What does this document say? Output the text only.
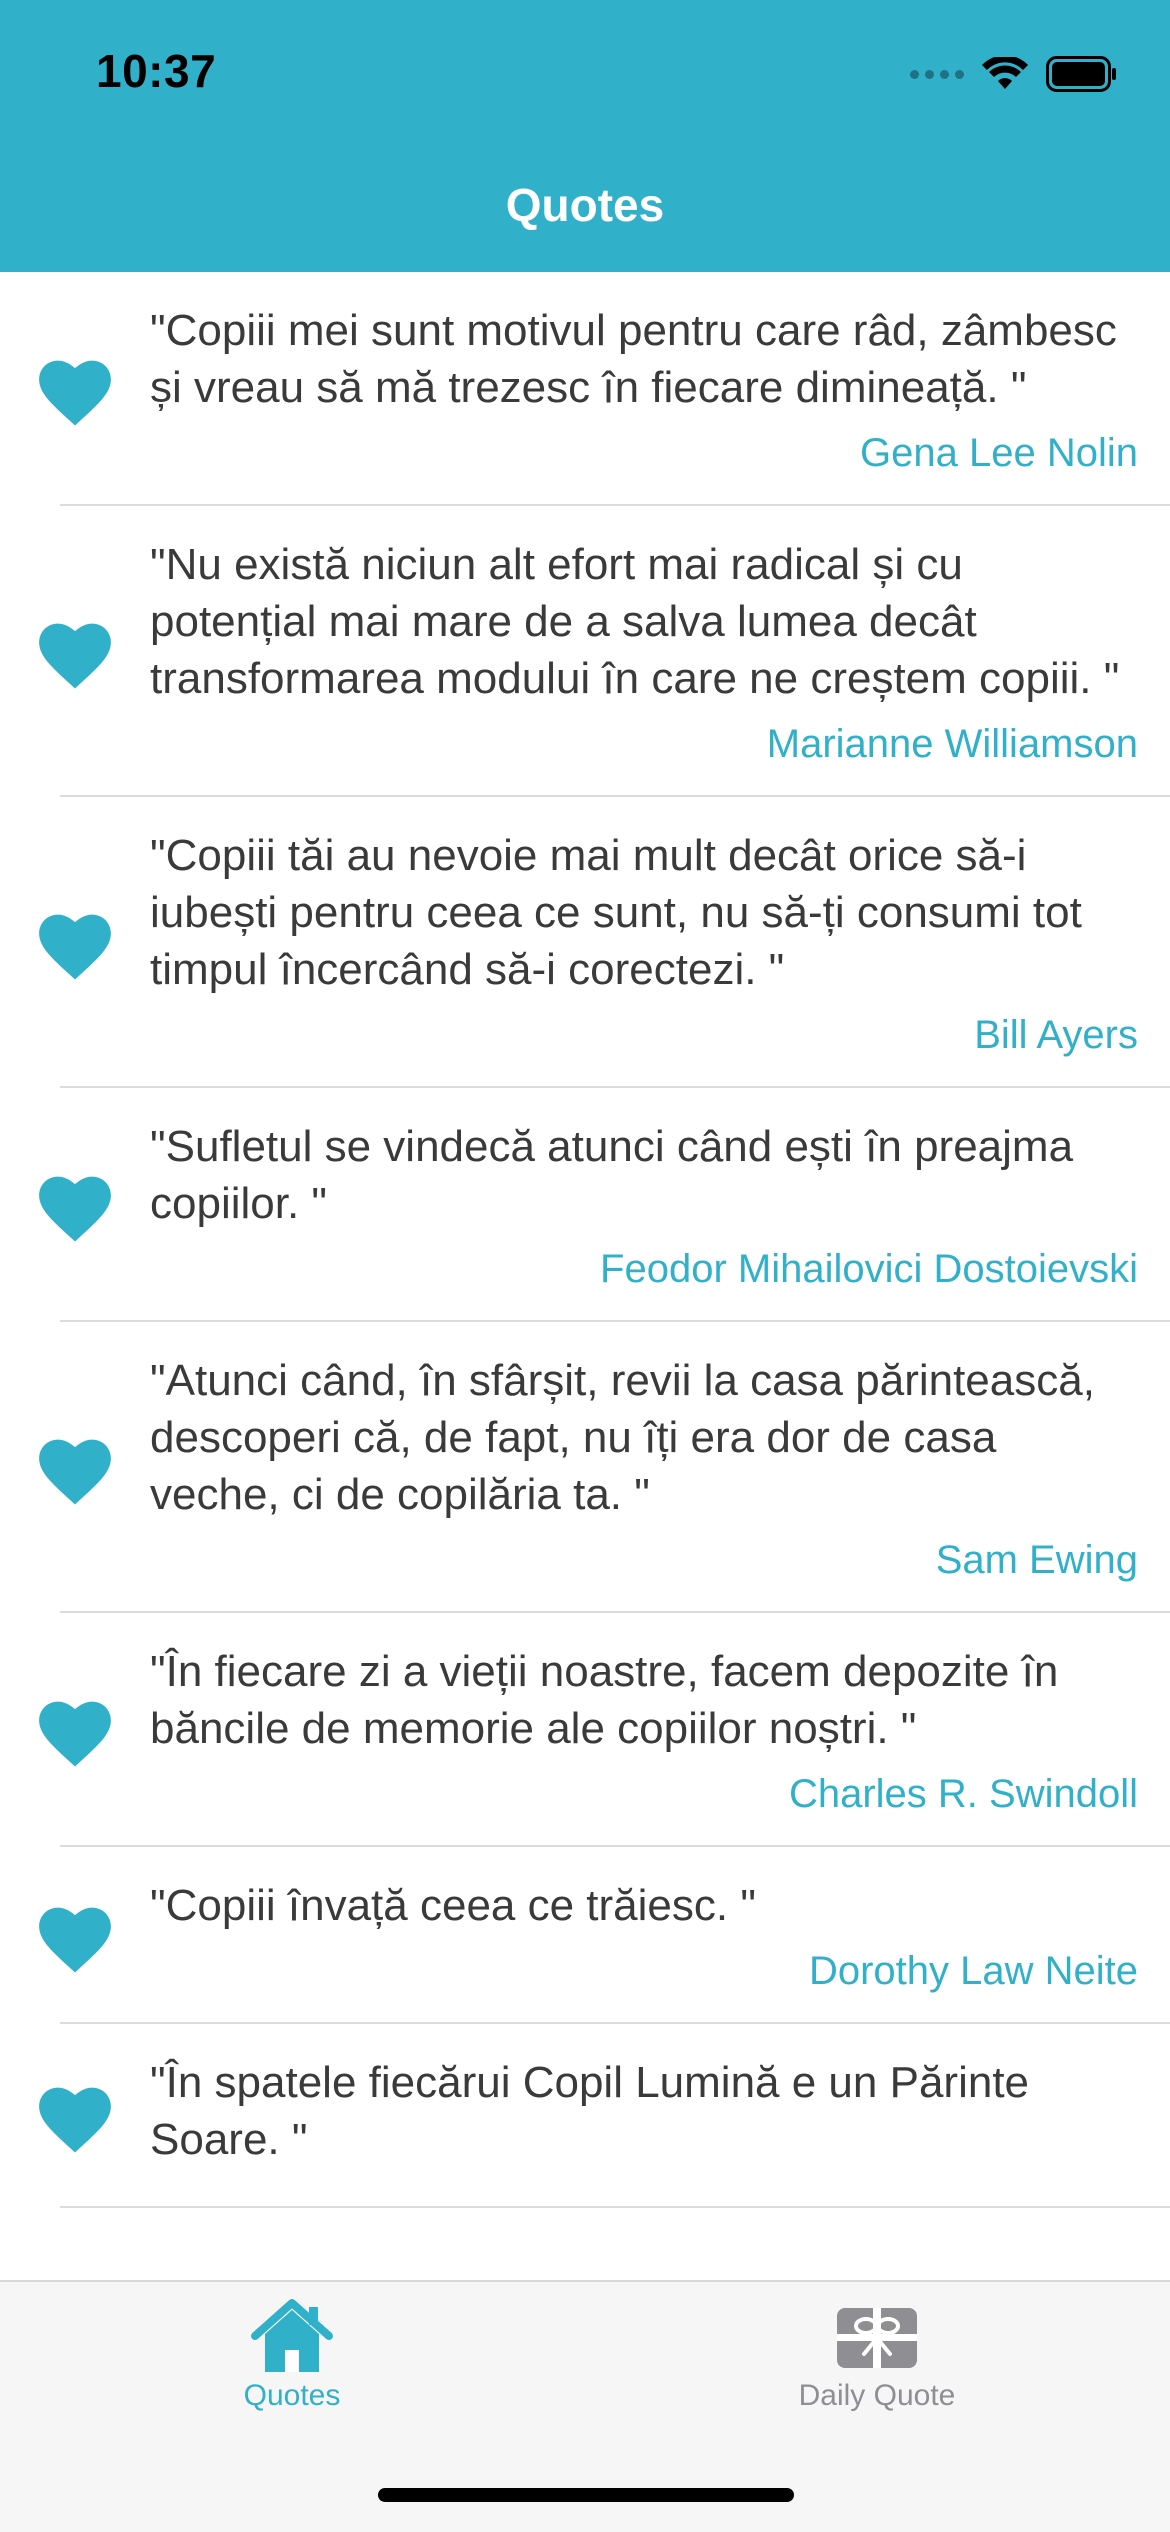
10:37
Quotes
"Copiii mei sunt motivul pentru care râd, zâmbesc și vreau să mă trezesc în fiecare dimineață. "
Gena Lee Nolin
"Nu există niciun alt efort mai radical și cu potențial mai mare de a salva lumea decât transformarea modului în care ne creștem copiii. "
Marianne Williamson
"Copiii tăi au nevoie mai mult decât orice să-i iubești pentru ceea ce sunt, nu să-ți consumi tot timpul încercând să-i corectezi. "
Bill Ayers
"Sufletul se vindecă atunci când ești în preajma copiilor. "
Feodor Mihailovici Dostoievski
"Atunci când, în sfârșit, revii la casa părintească, descoperi că, de fapt, nu îți era dor de casa veche, ci de copilăria ta. "
Sam Ewing
"În fiecare zi a vieții noastre, facem depozite în băncile de memorie ale copiilor noștri. "
Charles R. Swindoll
"Copiii învață ceea ce trăiesc. "
Dorothy Law Neite
"În spatele fiecărui Copil Lumină e un Părinte Soare. "
Quotes	Daily Quote
